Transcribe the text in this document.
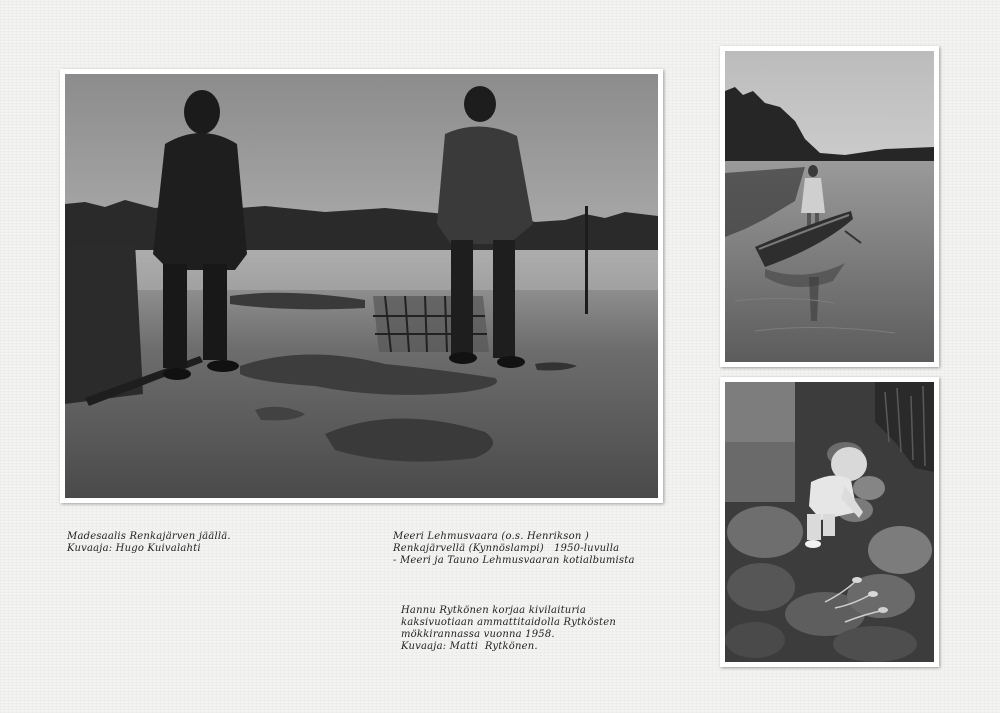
Madesaalis Renkajärven jäällä.
Kuvaaja: Hugo Kuivalahti
Meeri Lehmusvaara (o.s. Henrikson )
Renkajärvellä (Kynnöslampi)   1950-luvulla
- Meeri ja Tauno Lehmusvaaran kotialbumista
Hannu Rytkönen korjaa kivilaituria
kaksivuotiaan ammattitaidolla Rytkösten
mökkirannassa vuonna 1958.
Kuvaaja: Matti  Rytkönen.
